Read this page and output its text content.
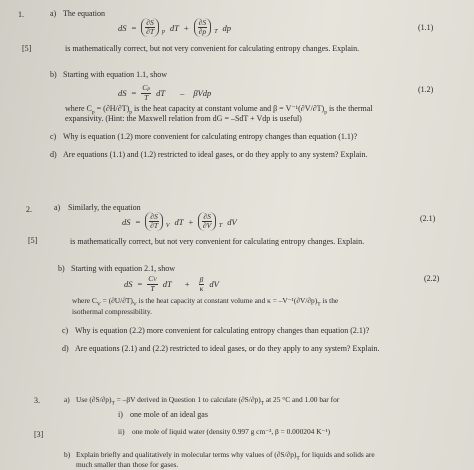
1.	a) The equation
dS = $\frac{\partial S}{\partial T}$ p dT + $\frac{\partial S}{\partial p}$ T dp	(1.1)
[5]	is mathematically correct, but not very convenient for calculating entropy changes. Explain.
b) Starting with equation 1.1, show
dS = $\frac{Cp}{T}$ dT – βVdp	(1.2)
where $C_p = (\partial H/\partial T)_p$ is the heat capacity at constant volume and $\beta = V^{-1}(\partial V/\partial T)_p$ is the thermal
expansivity. (Hint: the Maxwell relation from dG = –SdT + Vdp is useful)
c) Why is equation (1.2) more convenient for calculating entropy changes than equation (1.1)?
d) Are equations (1.1) and (1.2) restricted to ideal gases, or do they apply to any system? Explain.
2.	a) Similarly, the equation
dS = $\frac{\partial S}{\partial T}$ V dT + $\frac{\partial S}{\partial V}$ T dV	(2.1)
[5]	is mathematically correct, but not very convenient for calculating entropy changes. Explain.
b) Starting with equation 2.1, show
dS = $\frac{CV}{T}$ dT + $\frac{\beta}{\kappa}$ dV
(2.2)
where $C_V = (\partial U/\partial T)_V$ is the heat capacity at constant volume and $\kappa = -V^{-1}(\partial V/\partial p)_T$ is the
isothermal compressibility.
c) Why is equation (2.2) more convenient for calculating entropy changes than equation (2.1)?
d) Are equations (2.1) and (2.2) restricted to ideal gases, or do they apply to any system? Explain.
3.	a) Use $(\partial S/\partial p)_T = -\beta V$ derived in Question 1 to calculate $(\partial S/\partial p)_T$ at 25 °C and 1.00 bar for
i) one mole of an ideal gas
[3]	ii) one mole of liquid water (density 0.997 g cm⁻³, β = 0.000204 K⁻¹)
b) Explain briefly and qualitatively in molecular terms why values of $(\partial S/\partial p)_T$ for liquids and solids are
much smaller than those for gases.
